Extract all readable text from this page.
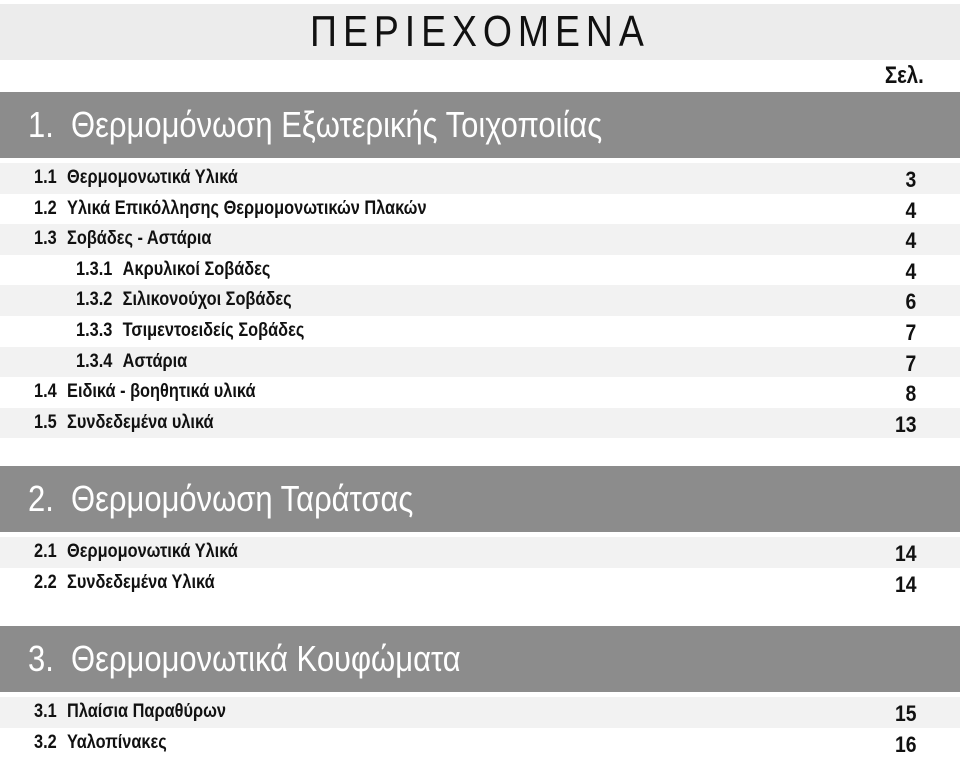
ΠΕΡΙΕΧΟΜΕΝΑ
Σελ.
1. Θερμομόνωση Εξωτερικής Τοιχοποιίας
1.1 Θερμομονωτικά Υλικά	3
1.2 Υλικά Επικόλλησης Θερμομονωτικών Πλακών	4
1.3 Σοβάδες - Αστάρια	4
1.3.1 Ακρυλικοί Σοβάδες	4
1.3.2 Σιλικονούχοι Σοβάδες	6
1.3.3 Τσιμεντοειδείς Σοβάδες	7
1.3.4 Αστάρια	7
1.4 Ειδικά - βοηθητικά υλικά	8
1.5 Συνδεδεμένα υλικά	13
2. Θερμομόνωση Ταράτσας
2.1 Θερμομονωτικά Υλικά	14
2.2 Συνδεδεμένα Υλικά	14
3. Θερμομονωτικά Κουφώματα
3.1 Πλαίσια Παραθύρων	15
3.2 Υαλοπίνακες	16
